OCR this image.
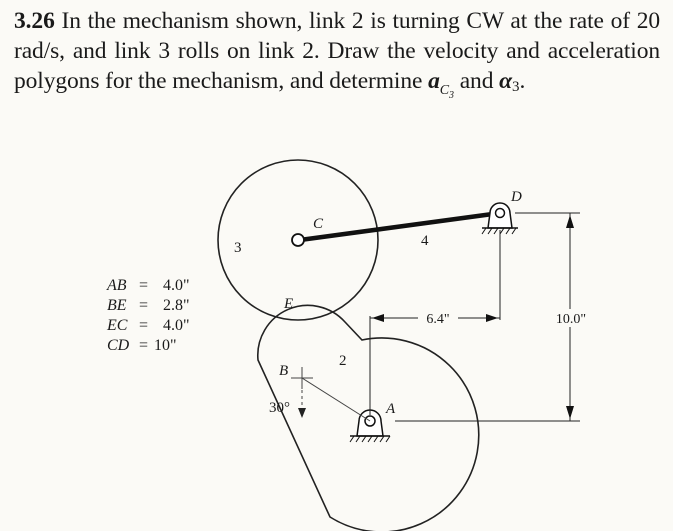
3.26 In the mechanism shown, link 2 is turning CW at the rate of 20 rad/s, and link 3 rolls on link 2. Draw the velocity and acceleration polygons for the mechanism, and determine $a_{C_3}$ and $\alpha_3$.
6.4"	10.0"
C
D
E
B
A
2
3	4
30°
AB = 4.0"
BE = 2.8"
EC = 4.0"
CD = 10"
